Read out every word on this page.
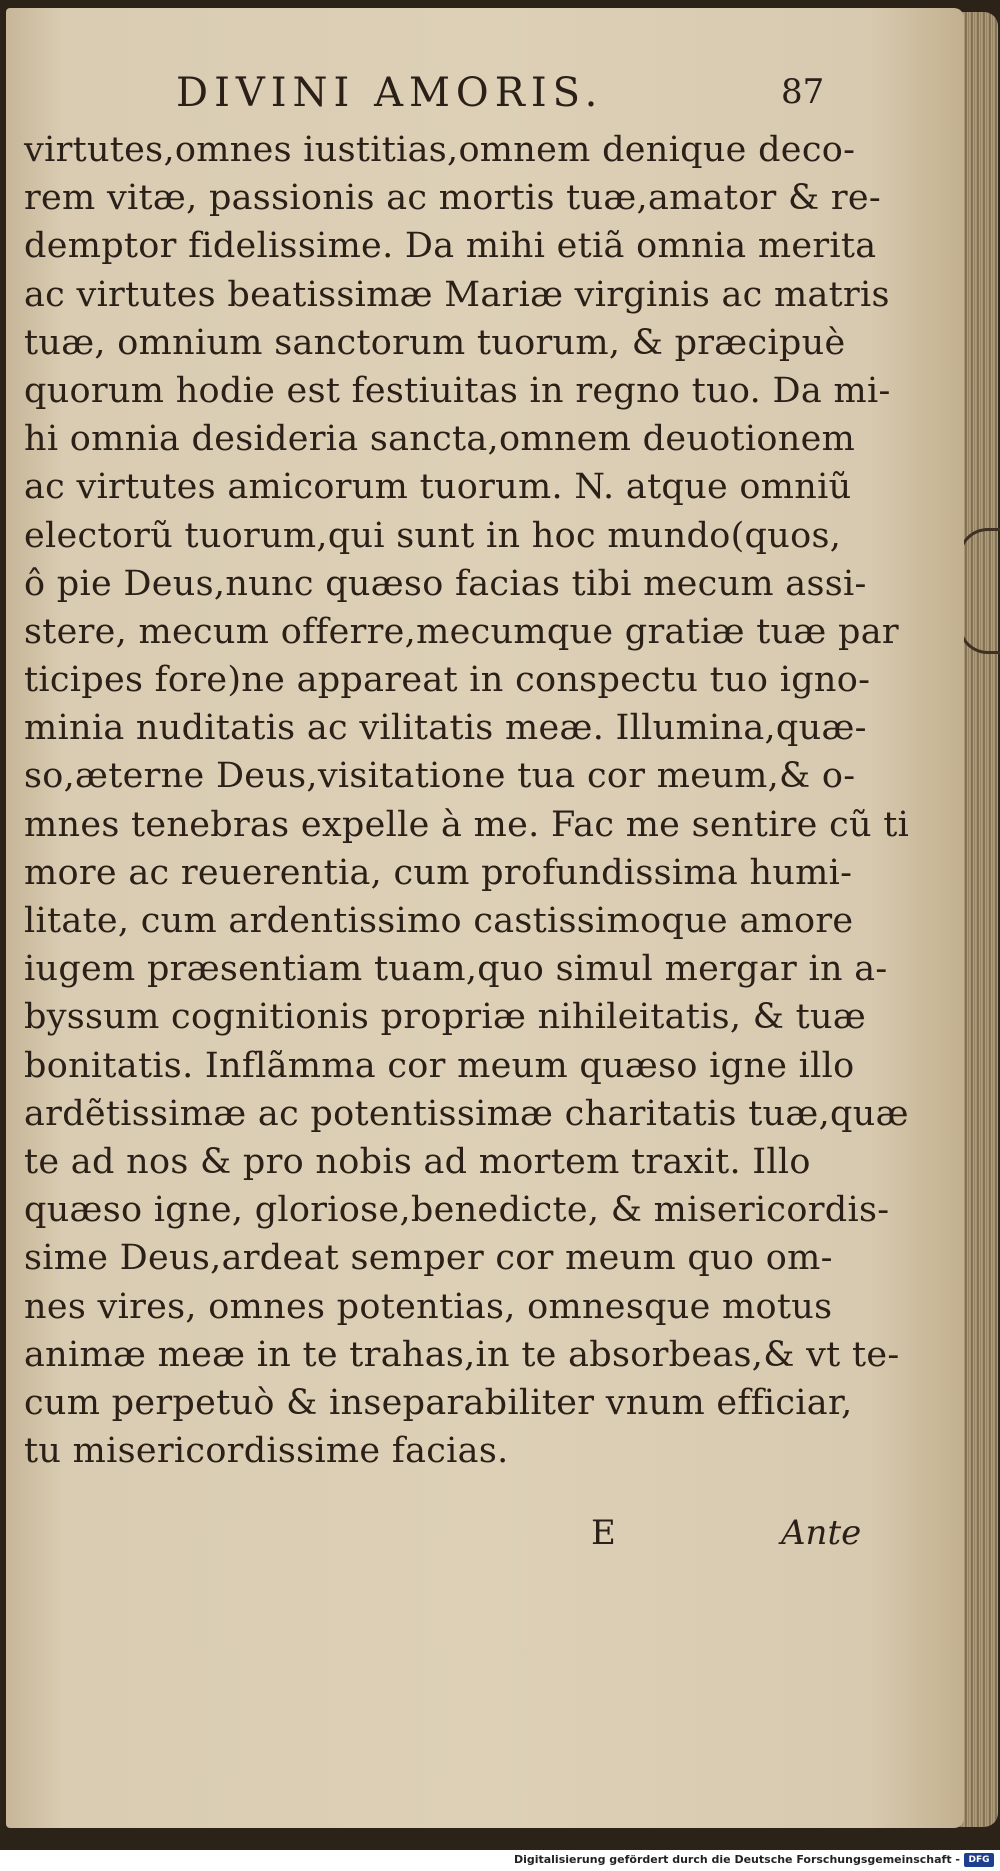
DIVINI AMORIS.	87
virtutes,omnes iustitias,omnem denique deco-
rem vitæ, passionis ac mortis tuæ,amator & re-
demptor fidelissime. Da mihi etiã omnia merita
ac virtutes beatissimæ Mariæ virginis ac matris
tuæ, omnium sanctorum tuorum, & præcipuè
quorum hodie est festiuitas in regno tuo. Da mi-
hi omnia desideria sancta,omnem deuotionem
ac virtutes amicorum tuorum. N. atque omniũ
electorũ tuorum,qui sunt in hoc mundo(quos,
ô pie Deus,nunc quæso facias tibi mecum assi-
stere, mecum offerre,mecumque gratiæ tuæ par
ticipes fore)ne appareat in conspectu tuo igno-
minia nuditatis ac vilitatis meæ. Illumina,quæ-
so,æterne Deus,visitatione tua cor meum,& o-
mnes tenebras expelle à me. Fac me sentire cũ ti
more ac reuerentia, cum profundissima humi-
litate, cum ardentissimo castissimoque amore
iugem præsentiam tuam,quo simul mergar in a-
byssum cognitionis propriæ nihileitatis, & tuæ
bonitatis. Inflãmma cor meum quæso igne illo
ardẽtissimæ ac potentissimæ charitatis tuæ,quæ
te ad nos & pro nobis ad mortem traxit. Illo
quæso igne, gloriose,benedicte, & misericordis-
sime Deus,ardeat semper cor meum quo om-
nes vires, omnes potentias, omnesque motus
animæ meæ in te trahas,in te absorbeas,& vt te-
cum perpetuò & inseparabiliter vnum efficiar,
tu misericordissime facias.
E	Ante
Digitalisierung gefördert durch die Deutsche Forschungsgemeinschaft - DFG
